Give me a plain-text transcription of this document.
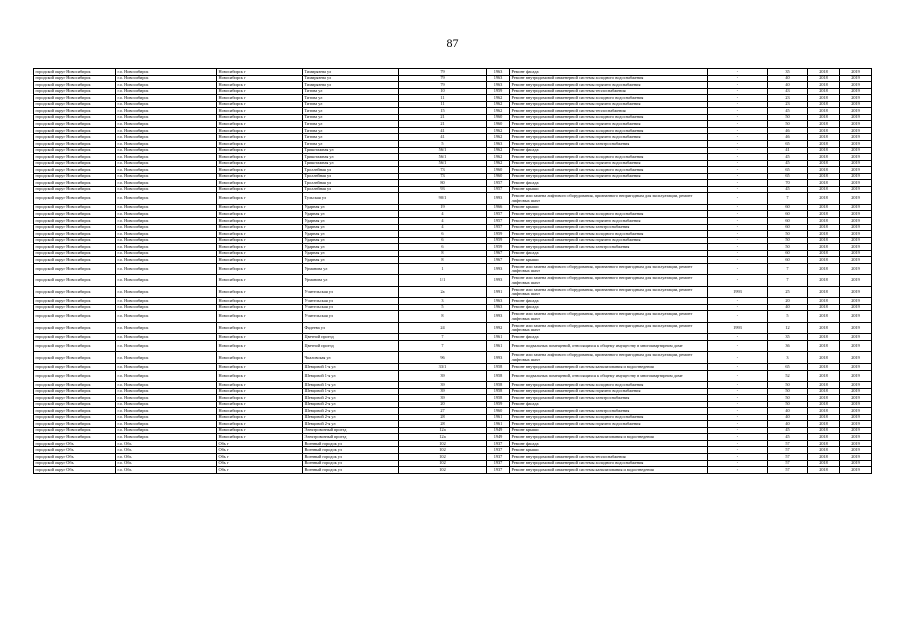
87
городской округ Новосибирск	г.о. Новосибирск	Новосибирск г	Тимирязева ул	79	1963	Ремонт фасада	-	35	2018	2019
городской округ Новосибирск	г.о. Новосибирск	Новосибирск г	Тимирязева ул	79	1963	Ремонт внутридомовой инженерной системы холодного водоснабжения	-	40	2018	2019
городской округ Новосибирск	г.о. Новосибирск	Новосибирск г	Тимирязева ул	79	1963	Ремонт внутридомовой инженерной системы горячего водоснабжения	-	40	2018	2019
городской округ Новосибирск	г.о. Новосибирск	Новосибирск г	Титова ул	10	1959	Ремонт внутридомовой инженерной системы теплоснабжения	-	43	2018	2019
городской округ Новосибирск	г.о. Новосибирск	Новосибирск г	Титова ул	11	1962	Ремонт внутридомовой инженерной системы холодного водоснабжения	-	23	2018	2019
городской округ Новосибирск	г.о. Новосибирск	Новосибирск г	Титова ул	11	1962	Ремонт внутридомовой инженерной системы горячего водоснабжения	-	23	2018	2019
городской округ Новосибирск	г.о. Новосибирск	Новосибирск г	Титова ул	15	1962	Ремонт внутридомовой инженерной системы теплоснабжения	-	45	2018	2019
городской округ Новосибирск	г.о. Новосибирск	Новосибирск г	Титова ул	21	1960	Ремонт внутридомовой инженерной системы холодного водоснабжения	-	50	2018	2019
городской округ Новосибирск	г.о. Новосибирск	Новосибирск г	Титова ул	21	1960	Ремонт внутридомовой инженерной системы горячего водоснабжения	-	50	2018	2019
городской округ Новосибирск	г.о. Новосибирск	Новосибирск г	Титова ул	41	1962	Ремонт внутридомовой инженерной системы холодного водоснабжения	-	46	2018	2019
городской округ Новосибирск	г.о. Новосибирск	Новосибирск г	Титова ул	41	1962	Ремонт внутридомовой инженерной системы горячего водоснабжения	-	46	2018	2019
городской округ Новосибирск	г.о. Новосибирск	Новосибирск г	Титова ул	5	1963	Ремонт внутридомовой инженерной системы электроснабжения	-	65	2018	2019
городской округ Новосибирск	г.о. Новосибирск	Новосибирск г	Трикотажная ул	56/1	1962	Ремонт фасада	-	41	2018	2019
городской округ Новосибирск	г.о. Новосибирск	Новосибирск г	Трикотажная ул	56/1	1962	Ремонт внутридомовой инженерной системы холодного водоснабжения	-	45	2018	2019
городской округ Новосибирск	г.о. Новосибирск	Новосибирск г	Трикотажная ул	56/1	1962	Ремонт внутридомовой инженерной системы горячего водоснабжения	-	45	2018	2019
городской округ Новосибирск	г.о. Новосибирск	Новосибирск г	Троллейная ул	73	1960	Ремонт внутридомовой инженерной системы холодного водоснабжения	-	65	2018	2019
городской округ Новосибирск	г.о. Новосибирск	Новосибирск г	Троллейная ул	73	1960	Ремонт внутридомовой инженерной системы горячего водоснабжения	-	65	2018	2019
городской округ Новосибирск	г.о. Новосибирск	Новосибирск г	Троллейная ул	80	1957	Ремонт фасада	-	70	2018	2019
городской округ Новосибирск	г.о. Новосибирск	Новосибирск г	Троллейная ул	93	1957	Ремонт крыши	-	45	2018	2019
городской округ Новосибирск	г.о. Новосибирск	Новосибирск г	Тульская ул	90/1	1993	Ремонт или замена лифтового оборудования, признанного непригодным для эксплуатации, ремонт лифтовых шахт	-	7	2018	2019
городской округ Новосибирск	г.о. Новосибирск	Новосибирск г	Ударная ул	19	1966	Ремонт крыши	-	60	2018	2019
городской округ Новосибирск	г.о. Новосибирск	Новосибирск г	Ударная ул	4	1957	Ремонт внутридомовой инженерной системы холодного водоснабжения	-	60	2018	2019
городской округ Новосибирск	г.о. Новосибирск	Новосибирск г	Ударная ул	4	1957	Ремонт внутридомовой инженерной системы горячего водоснабжения	-	60	2018	2019
городской округ Новосибирск	г.о. Новосибирск	Новосибирск г	Ударная ул	4	1957	Ремонт внутридомовой инженерной системы электроснабжения	-	60	2018	2019
городской округ Новосибирск	г.о. Новосибирск	Новосибирск г	Ударная ул	6	1959	Ремонт внутридомовой инженерной системы холодного водоснабжения	-	50	2018	2019
городской округ Новосибирск	г.о. Новосибирск	Новосибирск г	Ударная ул	6	1959	Ремонт внутридомовой инженерной системы горячего водоснабжения	-	50	2018	2019
городской округ Новосибирск	г.о. Новосибирск	Новосибирск г	Ударная ул	6	1959	Ремонт внутридомовой инженерной системы электроснабжения	-	50	2018	2019
городской округ Новосибирск	г.о. Новосибирск	Новосибирск г	Ударная ул	8	1967	Ремонт фасада	-	60	2018	2019
городской округ Новосибирск	г.о. Новосибирск	Новосибирск г	Ударная ул	8	1967	Ремонт крыши	-	60	2018	2019
городской округ Новосибирск	г.о. Новосибирск	Новосибирск г	Урманова ул	1	1993	Ремонт или замена лифтового оборудования, признанного непригодным для эксплуатации, ремонт лифтовых шахт	-	7	2018	2019
городской округ Новосибирск	г.о. Новосибирск	Новосибирск г	Урманова ул	1/1	1993	Ремонт или замена лифтового оборудования, признанного непригодным для эксплуатации, ремонт лифтовых шахт	-	7	2018	2019
городской округ Новосибирск	г.о. Новосибирск	Новосибирск г	Учительская ул	2а	1991	Ремонт или замена лифтового оборудования, признанного непригодным для эксплуатации, ремонт лифтовых шахт	1993	25	2018	2019
городской округ Новосибирск	г.о. Новосибирск	Новосибирск г	Учительская ул	3	1963	Ремонт фасада	-	20	2018	2019
городской округ Новосибирск	г.о. Новосибирск	Новосибирск г	Учительская ул	5	1963	Ремонт фасада	-	40	2018	2019
городской округ Новосибирск	г.о. Новосибирск	Новосибирск г	Учительская ул	8	1993	Ремонт или замена лифтового оборудования, признанного непригодным для эксплуатации, ремонт лифтовых шахт	-	5	2018	2019
городской округ Новосибирск	г.о. Новосибирск	Новосибирск г	Фадеева ул	24	1992	Ремонт или замена лифтового оборудования, признанного непригодным для эксплуатации, ремонт лифтовых шахт	1993	12	2018	2019
городской округ Новосибирск	г.о. Новосибирск	Новосибирск г	Цветной проезд	7	1961	Ремонт фасада	-	35	2018	2019
городской округ Новосибирск	г.о. Новосибирск	Новосибирск г	Цветной проезд	7	1961	Ремонт подвальных помещений, относящихся к общему имуществу в многоквартирном доме	-	36	2018	2019
городской округ Новосибирск	г.о. Новосибирск	Новосибирск г	Чкаловская ул	96	1993	Ремонт или замена лифтового оборудования, признанного непригодным для эксплуатации, ремонт лифтовых шахт	-	3	2018	2019
городской округ Новосибирск	г.о. Новосибирск	Новосибирск г	Шевцовой 1-я ул	33/1	1958	Ремонт внутридомовой инженерной системы канализования и водоотведения	-	65	2018	2019
городской округ Новосибирск	г.о. Новосибирск	Новосибирск г	Шевцовой 1-я ул	39	1958	Ремонт подвальных помещений, относящихся к общему имуществу в многоквартирном доме	-	52	2018	2019
городской округ Новосибирск	г.о. Новосибирск	Новосибирск г	Шевцовой 1-я ул	39	1958	Ремонт внутридомовой инженерной системы холодного водоснабжения	-	50	2018	2019
городской округ Новосибирск	г.о. Новосибирск	Новосибирск г	Шевцовой 1-я ул	39	1958	Ремонт внутридомовой инженерной системы горячего водоснабжения	-	50	2018	2019
городской округ Новосибирск	г.о. Новосибирск	Новосибирск г	Шевцовой 2-я ул	39	1958	Ремонт внутридомовой инженерной системы электроснабжения	-	50	2018	2019
городской округ Новосибирск	г.о. Новосибирск	Новосибирск г	Шевцовой 2-я ул	20	1959	Ремонт фасада	-	50	2018	2019
городской округ Новосибирск	г.о. Новосибирск	Новосибирск г	Шевцовой 2-я ул	27	1960	Ремонт внутридомовой инженерной системы электроснабжения	-	40	2018	2019
городской округ Новосибирск	г.о. Новосибирск	Новосибирск г	Шевцовой 2-я ул	28	1961	Ремонт внутридомовой инженерной системы холодного водоснабжения	-	40	2018	2019
городской округ Новосибирск	г.о. Новосибирск	Новосибирск г	Шевцовой 2-я ул	28	1961	Ремонт внутридомовой инженерной системы горячего водоснабжения	-	40	2018	2019
городской округ Новосибирск	г.о. Новосибирск	Новосибирск г	Электровозный проезд	12а	1949	Ремонт крыши	-	45	2018	2019
городской округ Новосибирск	г.о. Новосибирск	Новосибирск г	Электровозный проезд	12а	1949	Ремонт внутридомовой инженерной системы канализования и водоотведения	-	45	2018	2019
городской округ Обь	г.о. Обь	Обь г	Военный городок ул	102	1937	Ремонт фасада	-	57	2018	2019
городской округ Обь	г.о. Обь	Обь г	Военный городок ул	102	1937	Ремонт крыши	-	57	2018	2019
городской округ Обь	г.о. Обь	Обь г	Военный городок ул	102	1937	Ремонт внутридомовой инженерной системы теплоснабжения	-	57	2018	2019
городской округ Обь	г.о. Обь	Обь г	Военный городок ул	102	1937	Ремонт внутридомовой инженерной системы холодного водоснабжения	-	57	2018	2019
городской округ Обь	г.о. Обь	Обь г	Военный городок ул	102	1937	Ремонт внутридомовой инженерной системы канализования и водоотведения	-	57	2018	2019
